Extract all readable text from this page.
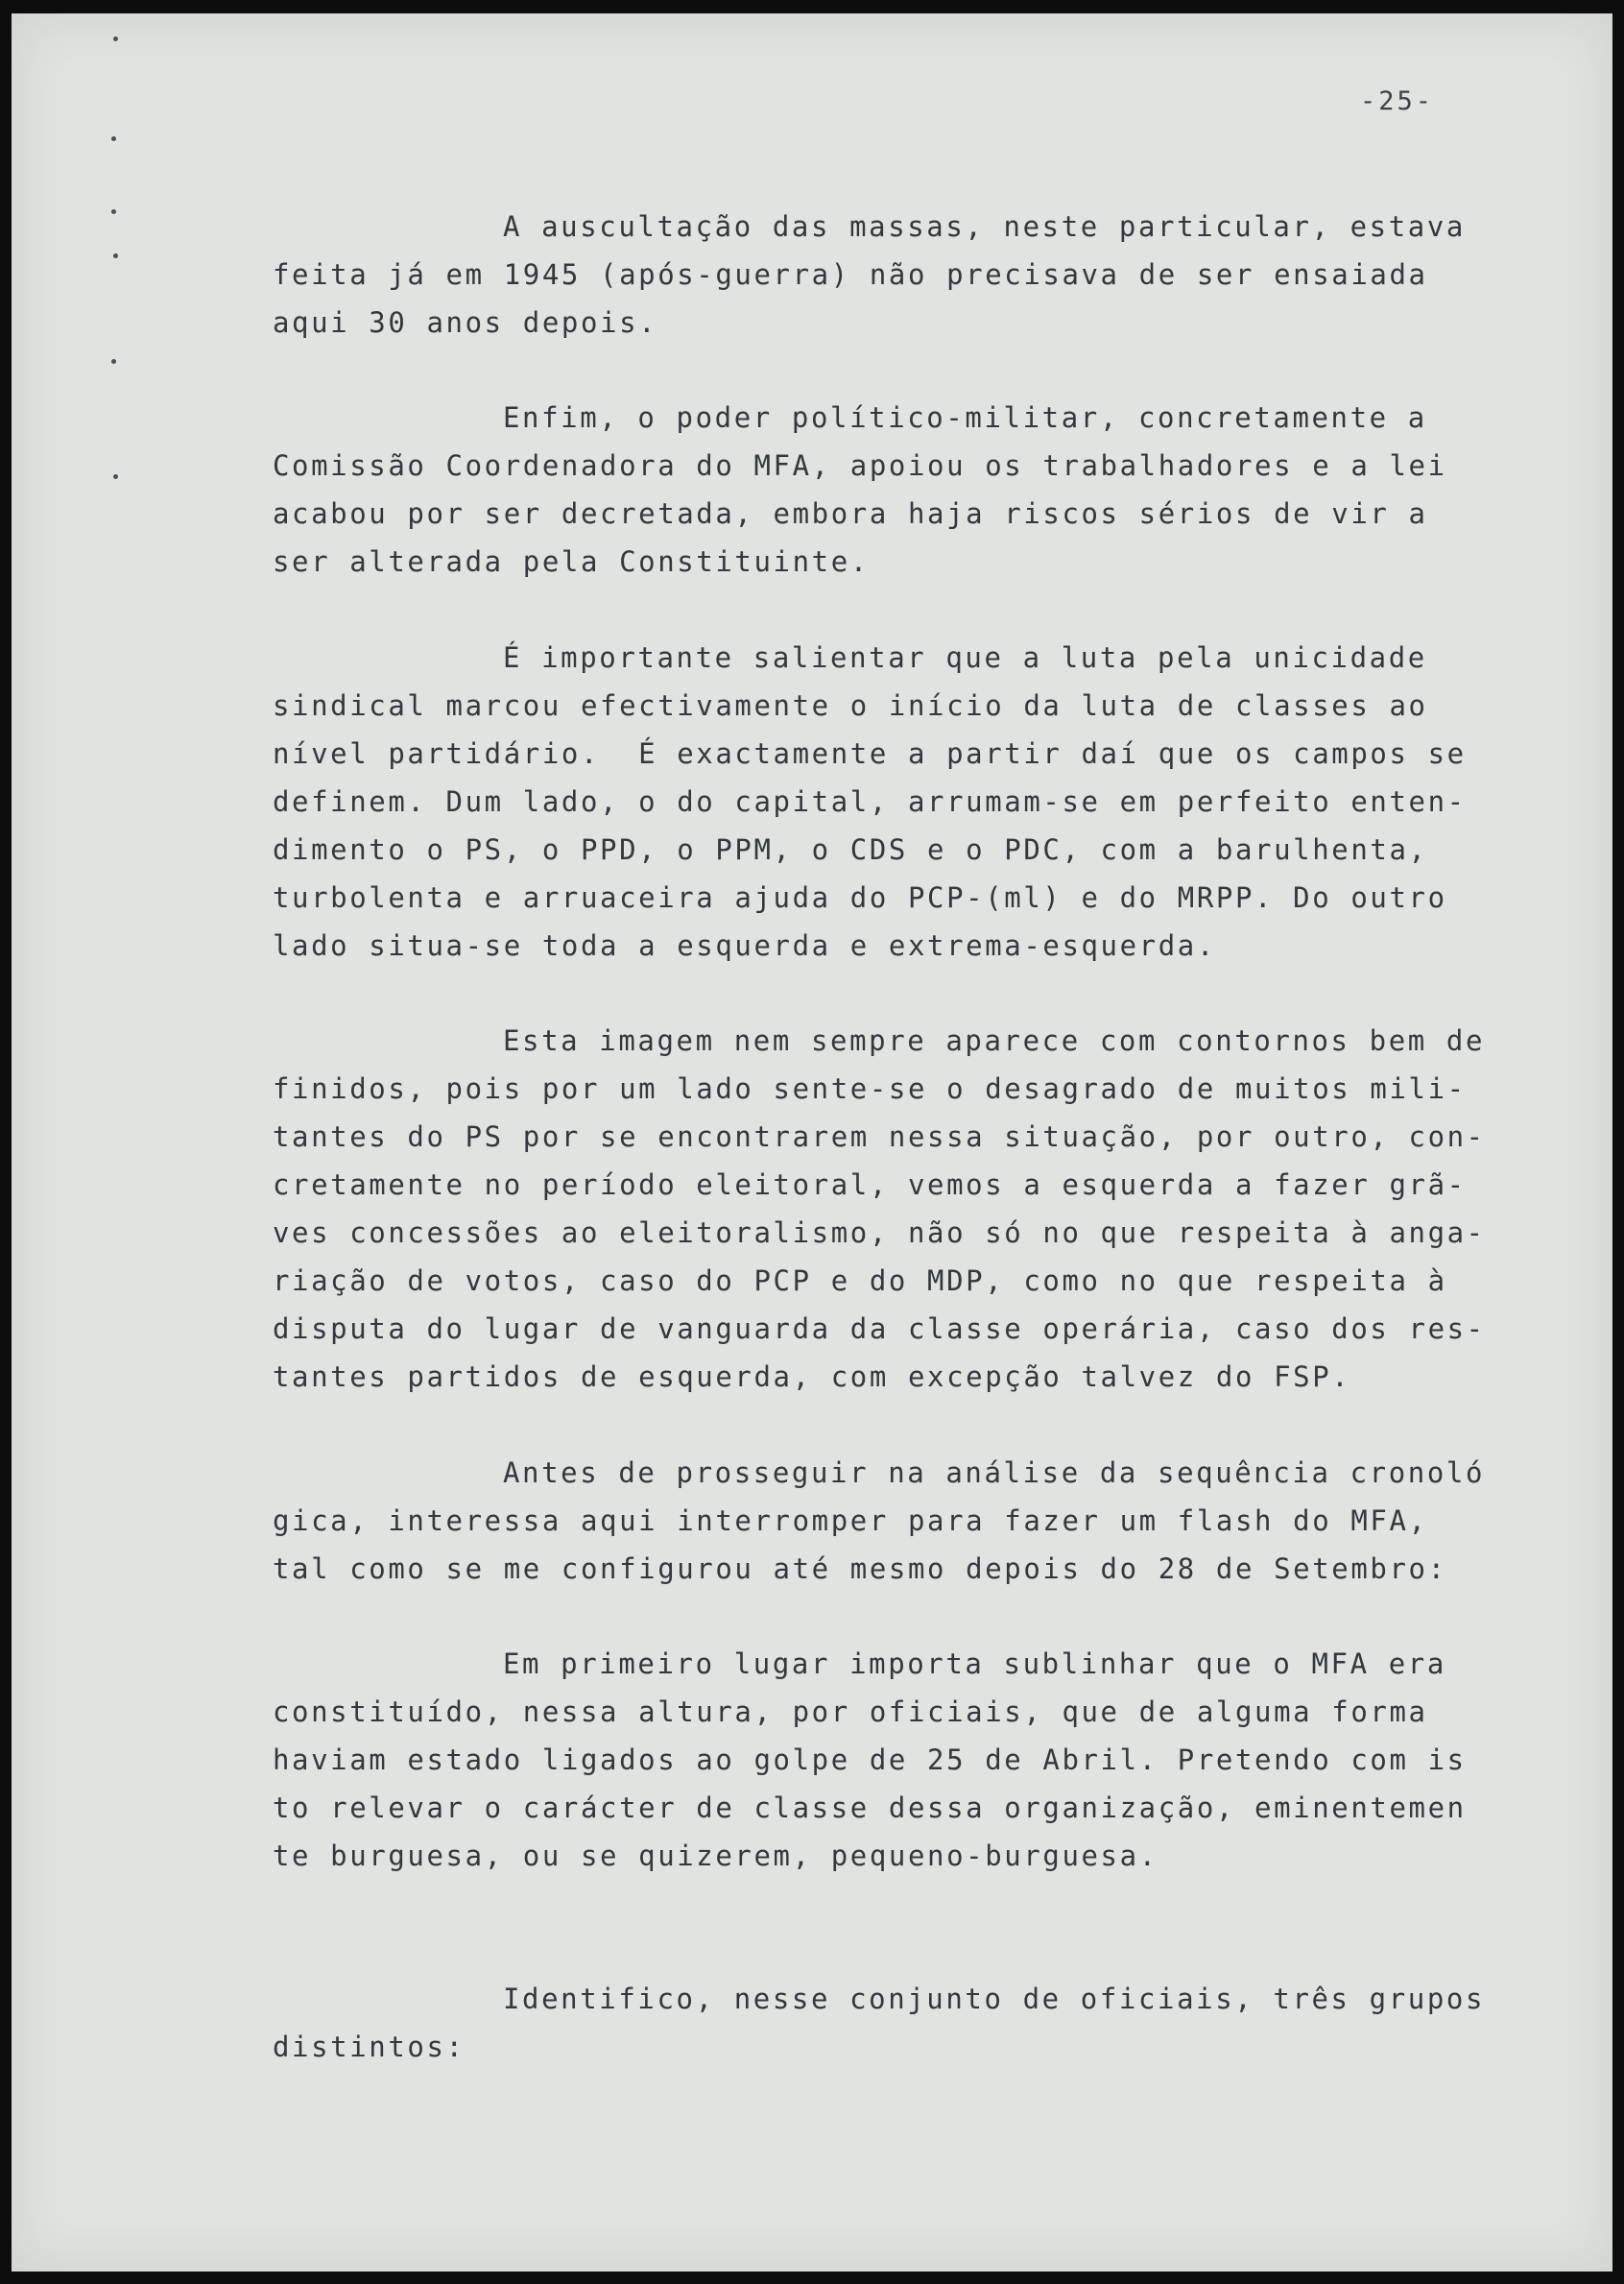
-25-

A auscultação das massas, neste particular, estava
feita já em 1945 (após-guerra) não precisava de ser ensaiada
aqui 30 anos depois.
Enfim, o poder político-militar, concretamente a
Comissão Coordenadora do MFA, apoiou os trabalhadores e a lei
acabou por ser decretada, embora haja riscos sérios de vir a
ser alterada pela Constituinte.
É importante salientar que a luta pela unicidade
sindical marcou efectivamente o início da luta de classes ao
nível partidário.  É exactamente a partir daí que os campos se
definem. Dum lado, o do capital, arrumam-se em perfeito enten-
dimento o PS, o PPD, o PPM, o CDS e o PDC, com a barulhenta,
turbolenta e arruaceira ajuda do PCP-(ml) e do MRPP. Do outro
lado situa-se toda a esquerda e extrema-esquerda.
Esta imagem nem sempre aparece com contornos bem de
finidos, pois por um lado sente-se o desagrado de muitos mili-
tantes do PS por se encontrarem nessa situação, por outro, con-
cretamente no período eleitoral, vemos a esquerda a fazer grã-
ves concessões ao eleitoralismo, não só no que respeita à anga-
riação de votos, caso do PCP e do MDP, como no que respeita à
disputa do lugar de vanguarda da classe operária, caso dos res-
tantes partidos de esquerda, com excepção talvez do FSP.
Antes de prosseguir na análise da sequência cronoló
gica, interessa aqui interromper para fazer um flash do MFA,
tal como se me configurou até mesmo depois do 28 de Setembro:
Em primeiro lugar importa sublinhar que o MFA era
constituído, nessa altura, por oficiais, que de alguma forma
haviam estado ligados ao golpe de 25 de Abril. Pretendo com is
to relevar o carácter de classe dessa organização, eminentemen
te burguesa, ou se quizerem, pequeno-burguesa.
Identifico, nesse conjunto de oficiais, três grupos
distintos:
